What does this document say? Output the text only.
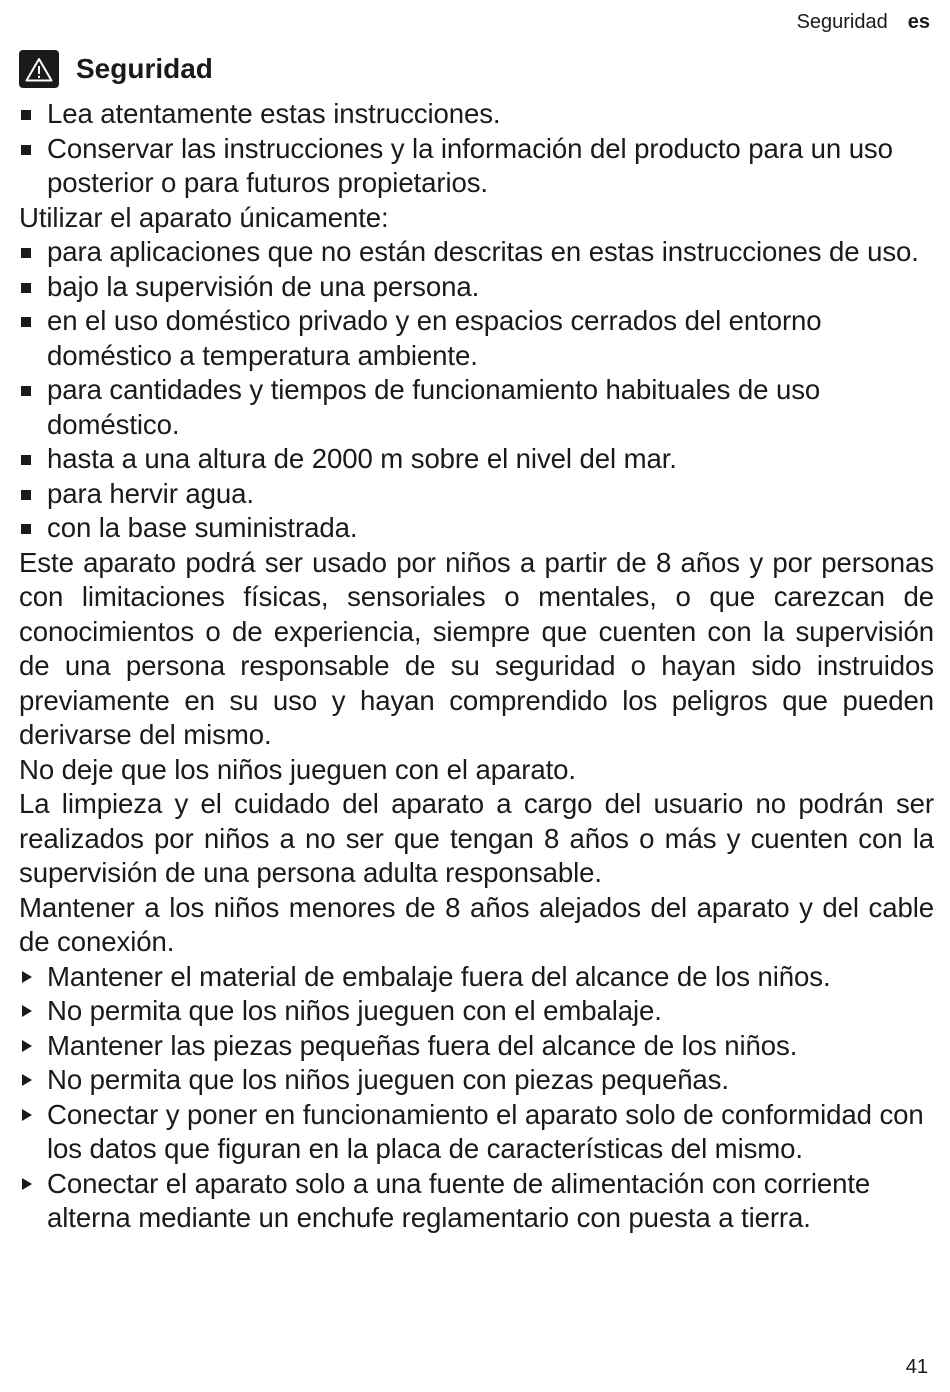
Seguridad es
Seguridad
Lea atentamente estas instrucciones.
Conservar las instrucciones y la información del producto para un uso posterior o para futuros propietarios.

Utilizar el aparato únicamente:

para aplicaciones que no están descritas en estas instrucciones de uso.
bajo la supervisión de una persona.
en el uso doméstico privado y en espacios cerrados del entorno doméstico a temperatura ambiente.
para cantidades y tiempos de funcionamiento habituales de uso doméstico.
hasta a una altura de 2000 m sobre el nivel del mar.
para hervir agua.
con la base suministrada.

Este aparato podrá ser usado por niños a partir de 8 años y por personas con limitaciones físicas, sensoriales o mentales, o que carezcan de conocimientos o de experiencia, siempre que cuenten con la supervisión de una persona responsable de su seguridad o hayan sido instruidos previamente en su uso y hayan comprendido los peligros que pueden derivarse del mismo.

No deje que los niños jueguen con el aparato.

La limpieza y el cuidado del aparato a cargo del usuario no podrán ser realizados por niños a no ser que tengan 8 años o más y cuenten con la supervisión de una persona adulta responsable.

Mantener a los niños menores de 8 años alejados del aparato y del cable de conexión.

Mantener el material de embalaje fuera del alcance de los niños.
No permita que los niños jueguen con el embalaje.
Mantener las piezas pequeñas fuera del alcance de los niños.
No permita que los niños jueguen con piezas pequeñas.
Conectar y poner en funcionamiento el aparato solo de conformidad con los datos que figuran en la placa de características del mismo.
Conectar el aparato solo a una fuente de alimentación con corriente alterna mediante un enchufe reglamentario con puesta a tierra.
41
